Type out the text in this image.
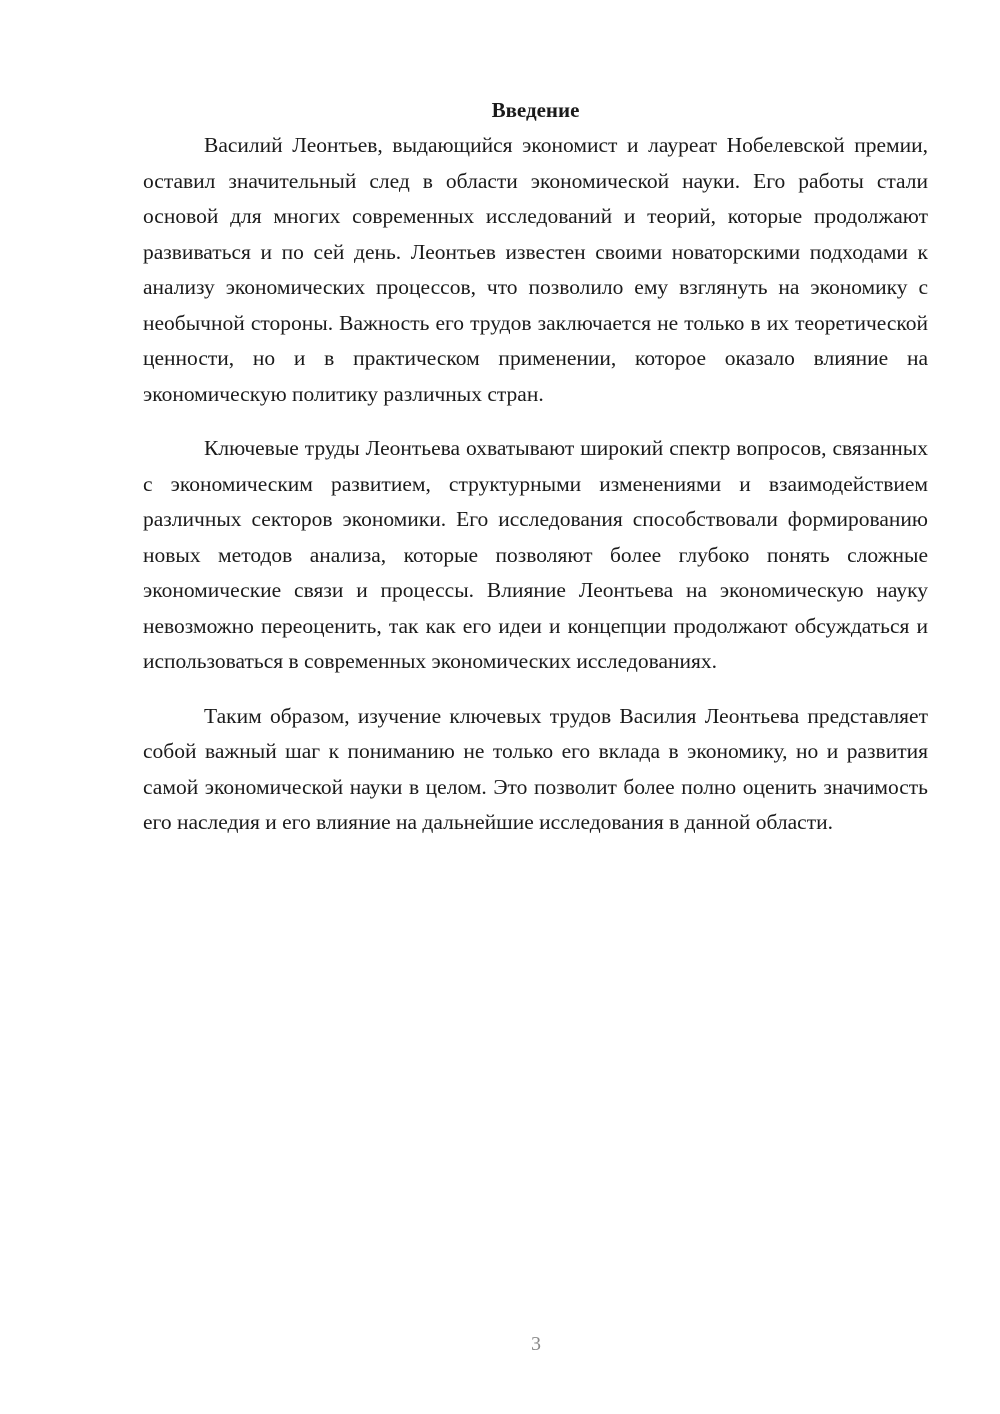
Введение

Василий Леонтьев, выдающийся экономист и лауреат Нобелевской премии, оставил значительный след в области экономической науки. Его работы стали основой для многих современных исследований и теорий, которые продолжают развиваться и по сей день. Леонтьев известен своими новаторскими подходами к анализу экономических процессов, что позволило ему взглянуть на экономику с необычной стороны. Важность его трудов заключается не только в их теоретической ценности, но и в практическом применении, которое оказало влияние на экономическую политику различных стран.

Ключевые труды Леонтьева охватывают широкий спектр вопросов, связанных с экономическим развитием, структурными изменениями и взаимодействием различных секторов экономики. Его исследования способствовали формированию новых методов анализа, которые позволяют более глубоко понять сложные экономические связи и процессы. Влияние Леонтьева на экономическую науку невозможно переоценить, так как его идеи и концепции продолжают обсуждаться и использоваться в современных экономических исследованиях.

Таким образом, изучение ключевых трудов Василия Леонтьева представляет собой важный шаг к пониманию не только его вклада в экономику, но и развития самой экономической науки в целом. Это позволит более полно оценить значимость его наследия и его влияние на дальнейшие исследования в данной области.

3
